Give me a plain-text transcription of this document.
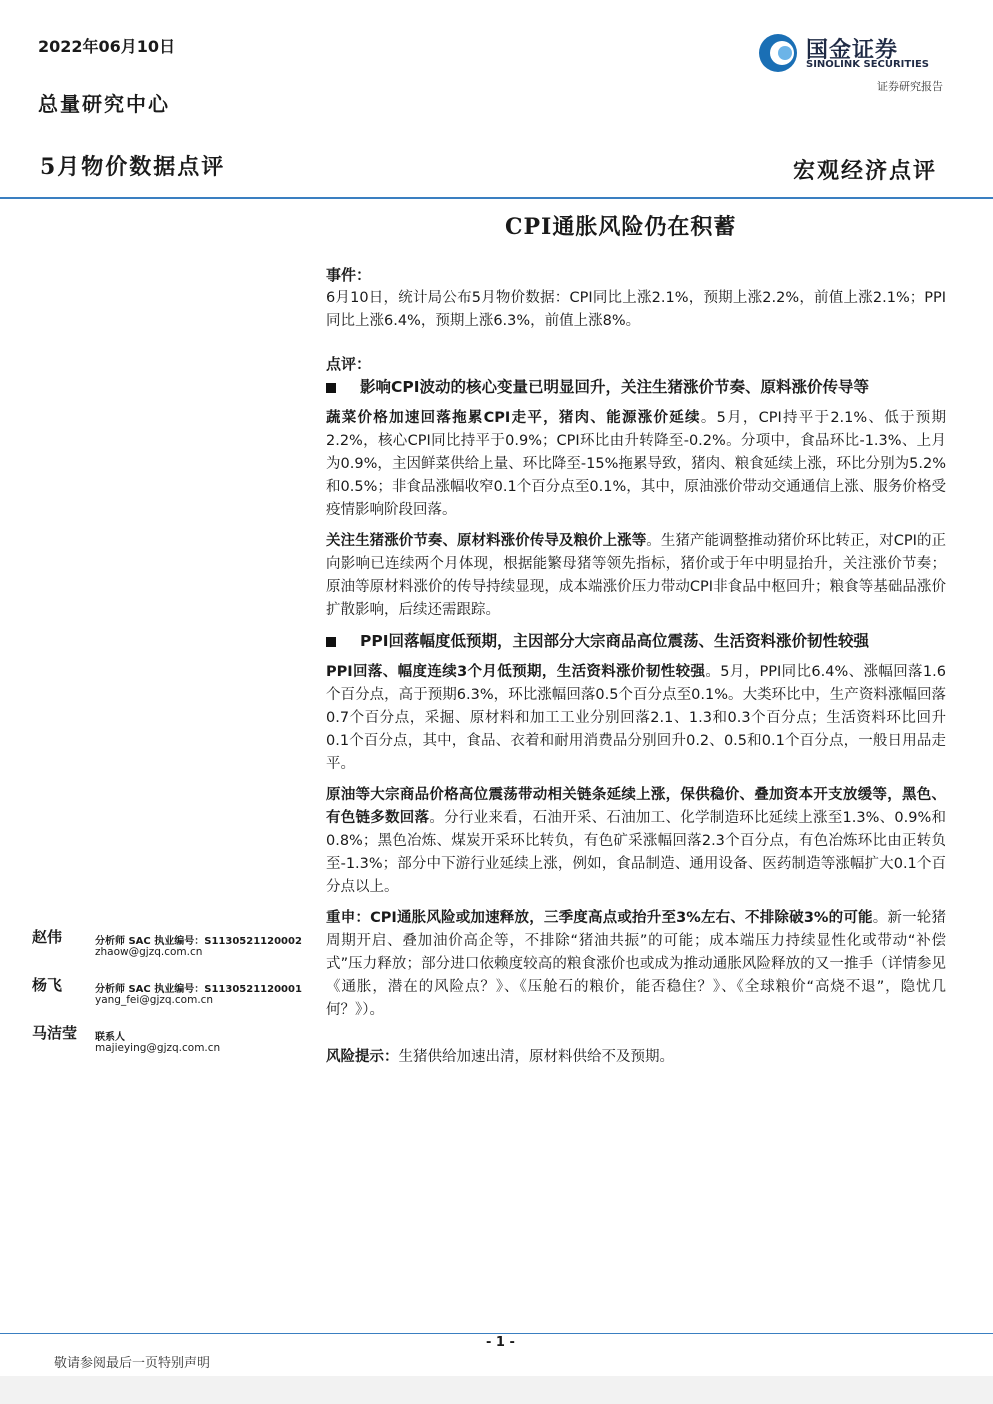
2022年06月10日
总量研究中心
5月物价数据点评	宏观经济点评
国金证券
SINOLINK SECURITIES
证券研究报告
CPI通胀风险仍在积蓄
事件：

6月10日，统计局公布5月物价数据：CPI同比上涨2.1%，预期上涨2.2%，前值上涨2.1%；PPI同比上涨6.4%，预期上涨6.3%，前值上涨8%。

点评：
影响CPI波动的核心变量已明显回升，关注生猪涨价节奏、原料涨价传导等

蔬菜价格加速回落拖累CPI走平，猪肉、能源涨价延续。5月，CPI持平于2.1%、低于预期2.2%，核心CPI同比持平于0.9%；CPI环比由升转降至-0.2%。分项中，食品环比-1.3%、上月为0.9%，主因鲜菜供给上量、环比降至-15%拖累导致，猪肉、粮食延续上涨，环比分别为5.2%和0.5%；非食品涨幅收窄0.1个百分点至0.1%，其中，原油涨价带动交通通信上涨、服务价格受疫情影响阶段回落。

关注生猪涨价节奏、原材料涨价传导及粮价上涨等。生猪产能调整推动猪价环比转正，对CPI的正向影响已连续两个月体现，根据能繁母猪等领先指标，猪价或于年中明显抬升，关注涨价节奏；原油等原材料涨价的传导持续显现，成本端涨价压力带动CPI非食品中枢回升；粮食等基础品涨价扩散影响，后续还需跟踪。

PPI回落幅度低预期，主因部分大宗商品高位震荡、生活资料涨价韧性较强

PPI回落、幅度连续3个月低预期，生活资料涨价韧性较强。5月，PPI同比6.4%、涨幅回落1.6个百分点，高于预期6.3%，环比涨幅回落0.5个百分点至0.1%。大类环比中，生产资料涨幅回落0.7个百分点，采掘、原材料和加工工业分别回落2.1、1.3和0.3个百分点；生活资料环比回升0.1个百分点，其中，食品、衣着和耐用消费品分别回升0.2、0.5和0.1个百分点，一般日用品走平。

原油等大宗商品价格高位震荡带动相关链条延续上涨，保供稳价、叠加资本开支放缓等，黑色、有色链多数回落。分行业来看，石油开采、石油加工、化学制造环比延续上涨至1.3%、0.9%和0.8%；黑色冶炼、煤炭开采环比转负，有色矿采涨幅回落2.3个百分点，有色冶炼环比由正转负至-1.3%；部分中下游行业延续上涨，例如，食品制造、通用设备、医药制造等涨幅扩大0.1个百分点以上。

重申：CPI通胀风险或加速释放，三季度高点或抬升至3%左右、不排除破3%的可能。新一轮猪周期开启、叠加油价高企等，不排除“猪油共振”的可能；成本端压力持续显性化或带动“补偿式”压力释放；部分进口依赖度较高的粮食涨价也或成为推动通胀风险释放的又一推手（详情参见《通胀，潜在的风险点？》、《压舱石的粮价，能否稳住？》、《全球粮价“高烧不退”，隐忧几何？》）。

风险提示：生猪供给加速出清，原材料供给不及预期。

赵伟	分析师 SAC 执业编号：S1130521120002
zhaow@gjzq.com.cn
杨飞	分析师 SAC 执业编号：S1130521120001
yang_fei@gjzq.com.cn
马洁莹 联系人
majieying@gjzq.com.cn
- 1 -
敬请参阅最后一页特别声明
